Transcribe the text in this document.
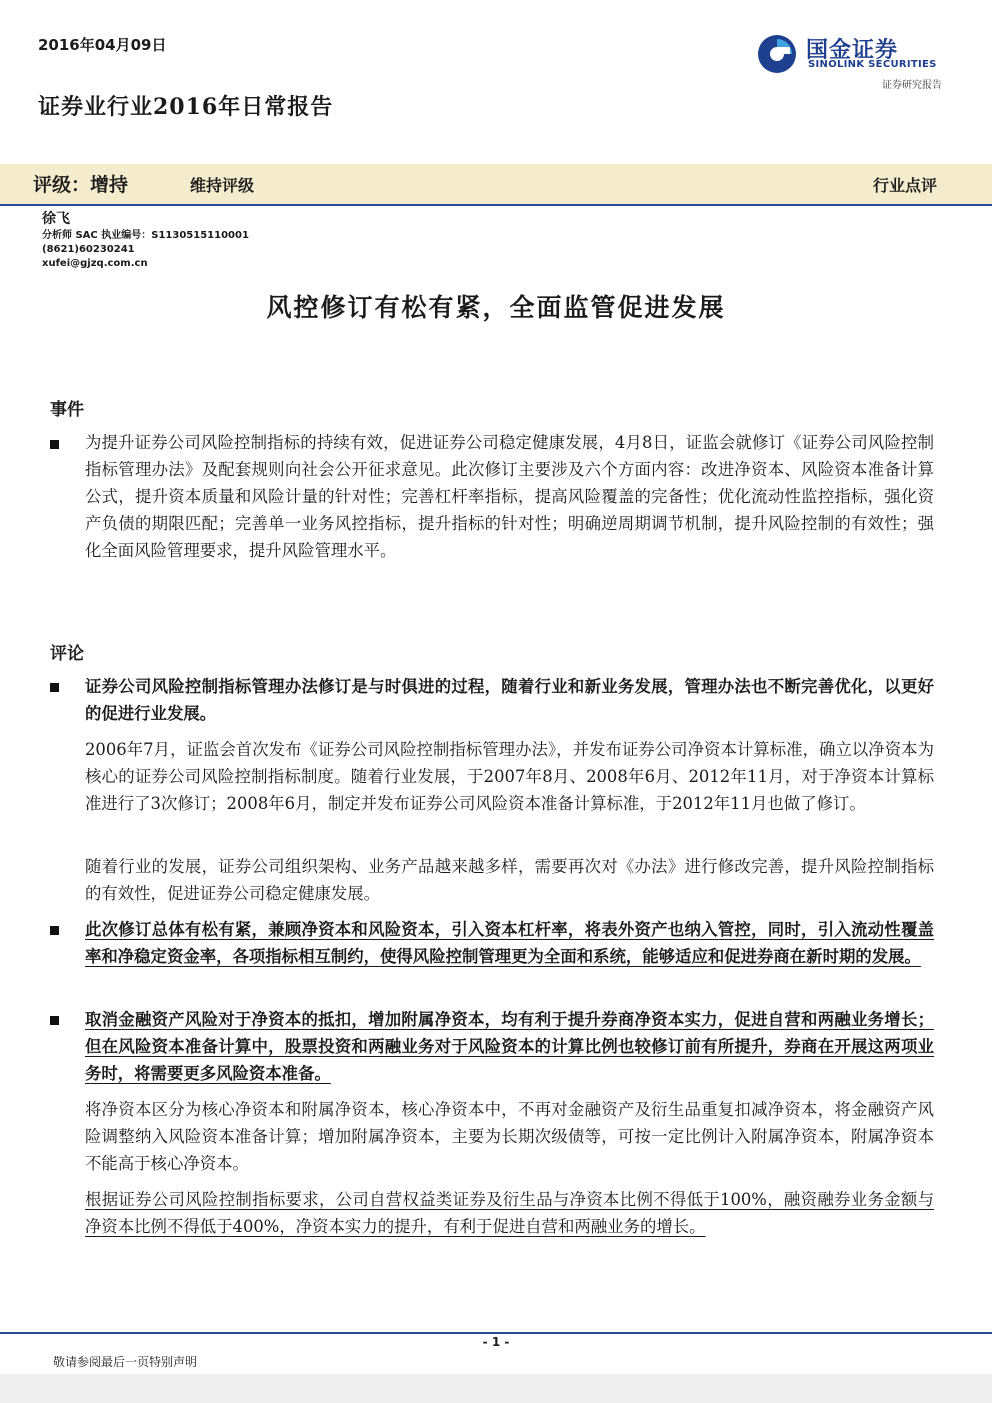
2016年04月09日	国金证券
SINOLINK SECURITIES
证券研究报告
证券业行业2016年日常报告
评级：增持	维持评级	行业点评
徐飞
分析师 SAC 执业编号：S1130515110001
(8621)60230241
xufei@gjzq.com.cn
风控修订有松有紧，全面监管促进发展
事件
为提升证券公司风险控制指标的持续有效，促进证券公司稳定健康发展，4月8日，证监会就修订《证券公司风险控制指标管理办法》及配套规则向社会公开征求意见。此次修订主要涉及六个方面内容：改进净资本、风险资本准备计算公式，提升资本质量和风险计量的针对性；完善杠杆率指标，提高风险覆盖的完备性；优化流动性监控指标，强化资产负债的期限匹配；完善单一业务风控指标，提升指标的针对性；明确逆周期调节机制，提升风险控制的有效性；强化全面风险管理要求，提升风险管理水平。
评论
证券公司风险控制指标管理办法修订是与时俱进的过程，随着行业和新业务发展，管理办法也不断完善优化，以更好的促进行业发展。
2006年7月，证监会首次发布《证券公司风险控制指标管理办法》，并发布证券公司净资本计算标准，确立以净资本为核心的证券公司风险控制指标制度。随着行业发展，于2007年8月、2008年6月、2012年11月，对于净资本计算标准进行了3次修订；2008年6月，制定并发布证券公司风险资本准备计算标准，于2012年11月也做了修订。
随着行业的发展，证券公司组织架构、业务产品越来越多样，需要再次对《办法》进行修改完善，提升风险控制指标的有效性，促进证券公司稳定健康发展。
此次修订总体有松有紧，兼顾净资本和风险资本，引入资本杠杆率，将表外资产也纳入管控，同时，引入流动性覆盖率和净稳定资金率，各项指标相互制约，使得风险控制管理更为全面和系统，能够适应和促进券商在新时期的发展。
取消金融资产风险对于净资本的抵扣，增加附属净资本，均有利于提升券商净资本实力，促进自营和两融业务增长；但在风险资本准备计算中，股票投资和两融业务对于风险资本的计算比例也较修订前有所提升，券商在开展这两项业务时，将需要更多风险资本准备。
将净资本区分为核心净资本和附属净资本，核心净资本中，不再对金融资产及衍生品重复扣减净资本，将金融资产风险调整纳入风险资本准备计算；增加附属净资本，主要为长期次级债等，可按一定比例计入附属净资本，附属净资本不能高于核心净资本。
根据证券公司风险控制指标要求，公司自营权益类证券及衍生品与净资本比例不得低于100%，融资融券业务金额与净资本比例不得低于400%，净资本实力的提升，有利于促进自营和两融业务的增长。
- 1 -
敬请参阅最后一页特别声明
